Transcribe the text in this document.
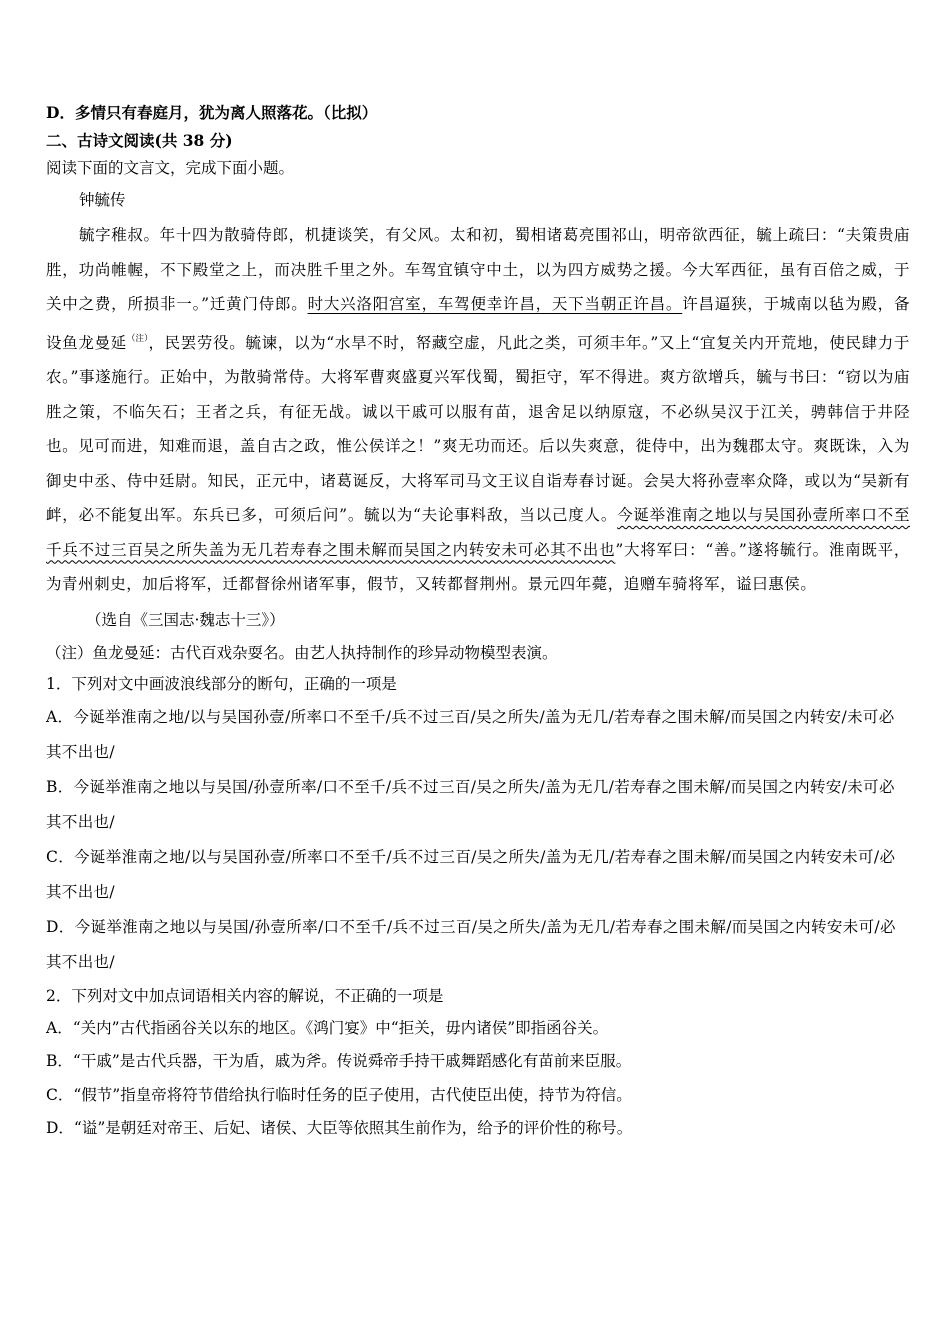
D．多情只有春庭月，犹为离人照落花。（比拟）
二、古诗文阅读(共 38 分)
阅读下面的文言文，完成下面小题。
钟毓传
毓字稚叔。年十四为散骑侍郎，机捷谈笑，有父风。太和初，蜀相诸葛亮围祁山，明帝欲西征，毓上疏曰：“夫策贵庙胜，功尚帷幄，不下殿堂之上，而决胜千里之外。车驾宜镇守中土，以为四方威势之援。今大军西征，虽有百倍之威，于关中之费，所损非一。”迁黄门侍郎。时大兴洛阳宫室，车驾便幸许昌，天下当朝正许昌。许昌逼狭，于城南以毡为殿，备设鱼龙曼延$^{(注)}$，民罢劳役。毓谏，以为“水旱不时，帑藏空虚，凡此之类，可须丰年。”又上“宜复关内开荒地，使民肆力于农。”事遂施行。正始中，为散骑常侍。大将军曹爽盛夏兴军伐蜀，蜀拒守，军不得进。爽方欲增兵，毓与书曰：“窃以为庙胜之策，不临矢石；王者之兵，有征无战。诚以干戚可以服有苗，退舍足以纳原寇，不必纵吴汉于江关，骋韩信于井陉也。见可而进，知难而退，盖自古之政，惟公侯详之！”爽无功而还。后以失爽意，徙侍中，出为魏郡太守。爽既诛，入为御史中丞、侍中廷尉。知民，正元中，诸葛诞反，大将军司马文王议自诣寿春讨诞。会吴大将孙壹率众降，或以为“吴新有衅，必不能复出军。东兵已多，可须后问”。毓以为“夫论事料敌，当以己度人。今诞举淮南之地以与吴国孙壹所率口不至千兵不过三百吴之所失盖为无几若寿春之围未解而吴国之内转安未可必其不出也”大将军曰：“善。”遂将毓行。淮南既平，为青州刺史，加后将军，迁都督徐州诸军事，假节，又转都督荆州。景元四年薨，追赠车骑将军，谥曰惠侯。
（选自《三国志·魏志十三》）
（注）鱼龙曼延：古代百戏杂耍名。由艺人执持制作的珍异动物模型表演。
1．下列对文中画波浪线部分的断句，正确的一项是
A．今诞举淮南之地/以与吴国孙壹/所率口不至千/兵不过三百/吴之所失/盖为无几/若寿春之围未解/而吴国之内转安/未可必其不出也/
B．今诞举淮南之地以与吴国/孙壹所率/口不至千/兵不过三百/吴之所失/盖为无几/若寿春之围未解/而吴国之内转安/未可必其不出也/
C．今诞举淮南之地/以与吴国孙壹/所率口不至千/兵不过三百/吴之所失/盖为无几/若寿春之围未解/而吴国之内转安未可/必其不出也/
D．今诞举淮南之地以与吴国/孙壹所率/口不至千/兵不过三百/吴之所失/盖为无几/若寿春之围未解/而吴国之内转安未可/必其不出也/
2．下列对文中加点词语相关内容的解说，不正确的一项是
A．“关内”古代指函谷关以东的地区。《鸿门宴》中“拒关，毋内诸侯”即指函谷关。
B．“干戚”是古代兵器，干为盾，戚为斧。传说舜帝手持干戚舞蹈感化有苗前来臣服。
C．“假节”指皇帝将符节借给执行临时任务的臣子使用，古代使臣出使，持节为符信。
D．“谥”是朝廷对帝王、后妃、诸侯、大臣等依照其生前作为，给予的评价性的称号。
